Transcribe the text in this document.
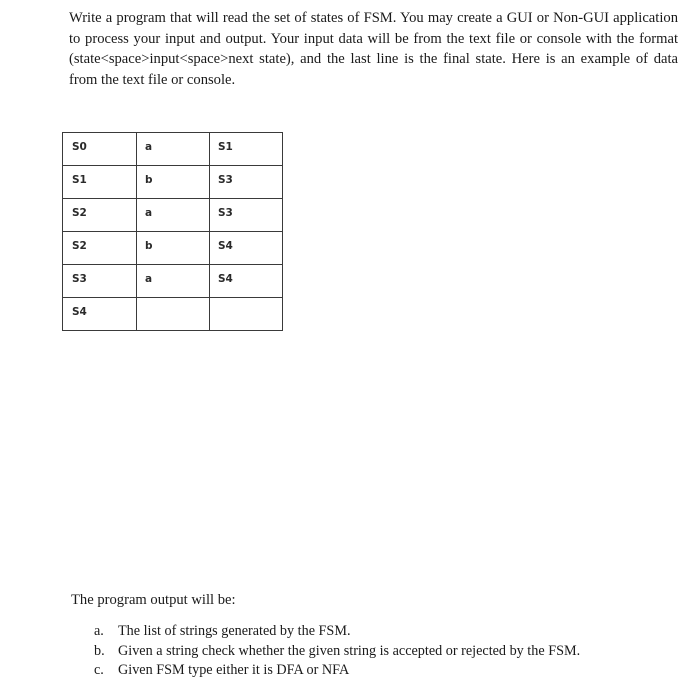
Write a program that will read the set of states of FSM. You may create a GUI or Non-GUI application to process your input and output. Your input data will be from the text file or console with the format (state<space>input<space>next state), and the last line is the final state. Here is an example of data from the text file or console.

S0	a	S1

S1	b	S3

S2	a	S3

S2	b	S4

S3	a	S4

S4		

The program output will be:

a. The list of strings generated by the FSM.
b. Given a string check whether the given string is accepted or rejected by the FSM.
c. Given FSM type either it is DFA or NFA
